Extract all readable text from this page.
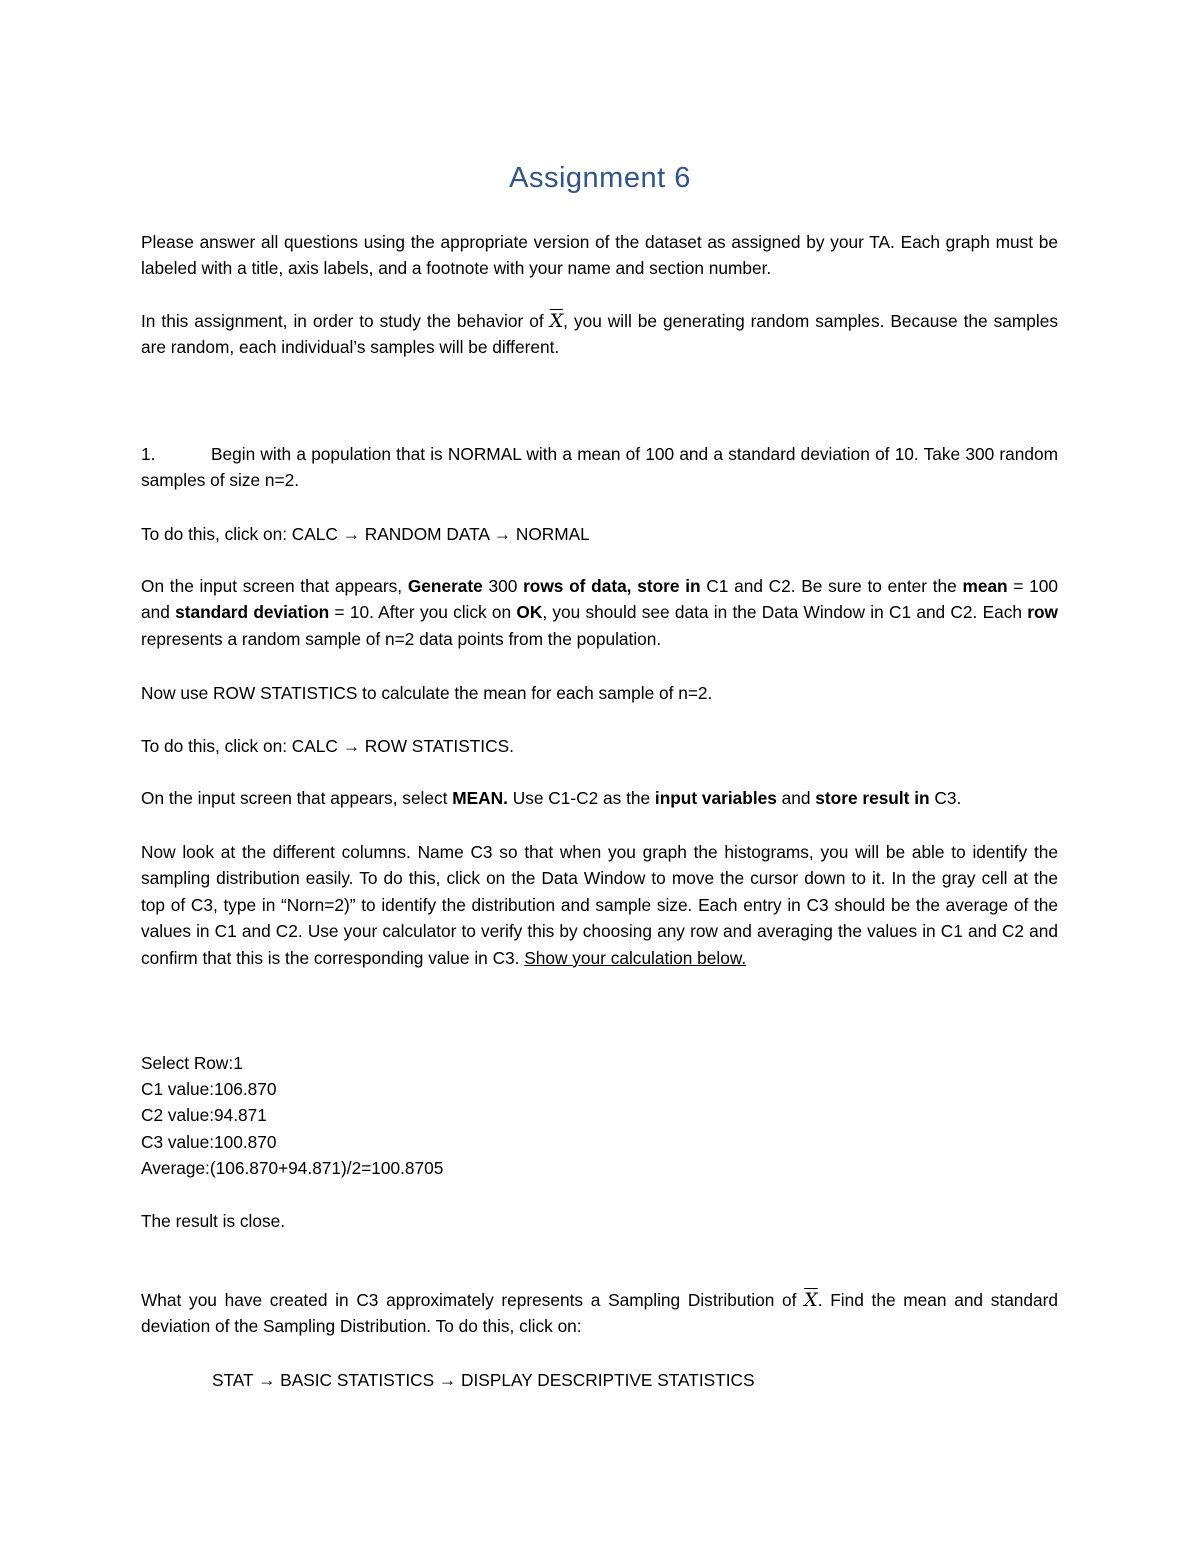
Assignment 6
Please answer all questions using the appropriate version of the dataset as assigned by your TA. Each graph must be labeled with a title, axis labels, and a footnote with your name and section number.
In this assignment, in order to study the behavior of $\overline{X}$, you will be generating random samples. Because the samples are random, each individual’s samples will be different.
1.	Begin with a population that is NORMAL with a mean of 100 and a standard deviation of 10. Take 300 random samples of size n=2.
To do this, click on: CALC → RANDOM DATA → NORMAL
On the input screen that appears, Generate 300 rows of data, store in C1 and C2. Be sure to enter the mean = 100 and standard deviation = 10. After you click on OK, you should see data in the Data Window in C1 and C2. Each row represents a random sample of n=2 data points from the population.
Now use ROW STATISTICS to calculate the mean for each sample of n=2.
To do this, click on: CALC → ROW STATISTICS.
On the input screen that appears, select MEAN. Use C1-C2 as the input variables and store result in C3.
Now look at the different columns. Name C3 so that when you graph the histograms, you will be able to identify the sampling distribution easily. To do this, click on the Data Window to move the cursor down to it. In the gray cell at the top of C3, type in “Norn=2)” to identify the distribution and sample size. Each entry in C3 should be the average of the values in C1 and C2. Use your calculator to verify this by choosing any row and averaging the values in C1 and C2 and confirm that this is the corresponding value in C3. Show your calculation below.
Select Row:1
C1 value:106.870
C2 value:94.871
C3 value:100.870
Average:(106.870+94.871)/2=100.8705
The result is close.
What you have created in C3 approximately represents a Sampling Distribution of $\overline{X}$. Find the mean and standard deviation of the Sampling Distribution. To do this, click on:
STAT → BASIC STATISTICS → DISPLAY DESCRIPTIVE STATISTICS
